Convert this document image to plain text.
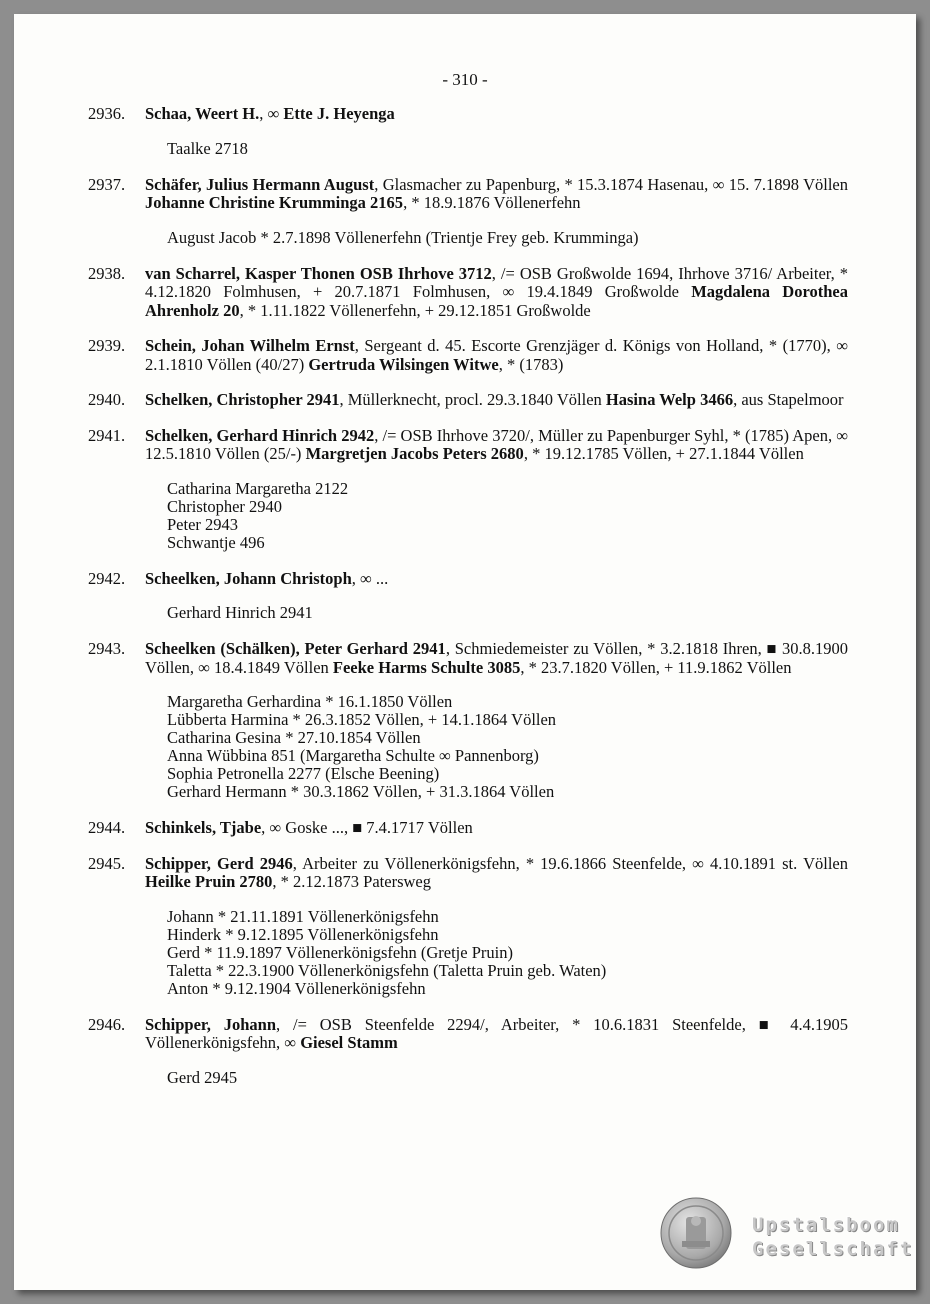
- 310 -
2936.	Schaa, Weert H., ∞ Ette J. Heyenga
Taalke 2718
2937.	Schäfer, Julius Hermann August, Glasmacher zu Papenburg, * 15.3.1874 Hasenau, ∞ 15. 7.1898 Völlen Johanne Christine Krumminga 2165, * 18.9.1876 Völlenerfehn
August Jacob * 2.7.1898 Völlenerfehn (Trientje Frey geb. Krumminga)
2938.	van Scharrel, Kasper Thonen OSB Ihrhove 3712, /= OSB Großwolde 1694, Ihrhove 3716/ Arbeiter, * 4.12.1820 Folmhusen, + 20.7.1871 Folmhusen, ∞ 19.4.1849 Großwolde Magdalena Dorothea Ahrenholz 20, * 1.11.1822 Völlenerfehn, + 29.12.1851 Großwolde
2939.	Schein, Johan Wilhelm Ernst, Sergeant d. 45. Escorte Grenzjäger d. Königs von Holland, * (1770), ∞ 2.1.1810 Völlen (40/27) Gertruda Wilsingen Witwe, * (1783)
2940.	Schelken, Christopher 2941, Müllerknecht, procl. 29.3.1840 Völlen Hasina Welp 3466, aus Stapelmoor
2941.	Schelken, Gerhard Hinrich 2942, /= OSB Ihrhove 3720/, Müller zu Papenburger Syhl, * (1785) Apen, ∞ 12.5.1810 Völlen (25/-) Margretjen Jacobs Peters 2680, * 19.12.1785 Völlen, + 27.1.1844 Völlen
Catharina Margaretha 2122
Christopher 2940
Peter 2943
Schwantje 496
2942.	Scheelken, Johann Christoph, ∞ ...
Gerhard Hinrich 2941
2943.	Scheelken (Schälken), Peter Gerhard 2941, Schmiedemeister zu Völlen, * 3.2.1818 Ihren, ■ 30.8.1900 Völlen, ∞ 18.4.1849 Völlen Feeke Harms Schulte 3085, * 23.7.1820 Völlen, + 11.9.1862 Völlen
Margaretha Gerhardina * 16.1.1850 Völlen
Lübberta Harmina * 26.3.1852 Völlen, + 14.1.1864 Völlen
Catharina Gesina * 27.10.1854 Völlen
Anna Wübbina 851 (Margaretha Schulte ∞ Pannenborg)
Sophia Petronella 2277 (Elsche Beening)
Gerhard Hermann * 30.3.1862 Völlen, + 31.3.1864 Völlen
2944.	Schinkels, Tjabe, ∞ Goske ..., ■ 7.4.1717 Völlen
2945.	Schipper, Gerd 2946, Arbeiter zu Völlenerkönigsfehn, * 19.6.1866 Steenfelde, ∞ 4.10.1891 st. Völlen Heilke Pruin 2780, * 2.12.1873 Patersweg
Johann * 21.11.1891 Völlenerkönigsfehn
Hinderk * 9.12.1895 Völlenerkönigsfehn
Gerd * 11.9.1897 Völlenerkönigsfehn (Gretje Pruin)
Taletta * 22.3.1900 Völlenerkönigsfehn (Taletta Pruin geb. Waten)
Anton * 9.12.1904 Völlenerkönigsfehn
2946.	Schipper, Johann, /= OSB Steenfelde 2294/, Arbeiter, * 10.6.1831 Steenfelde, ■ 4.4.1905 Völlenerkönigsfehn, ∞ Giesel Stamm
Gerd 2945
Upstalsboom
Gesellschaft
